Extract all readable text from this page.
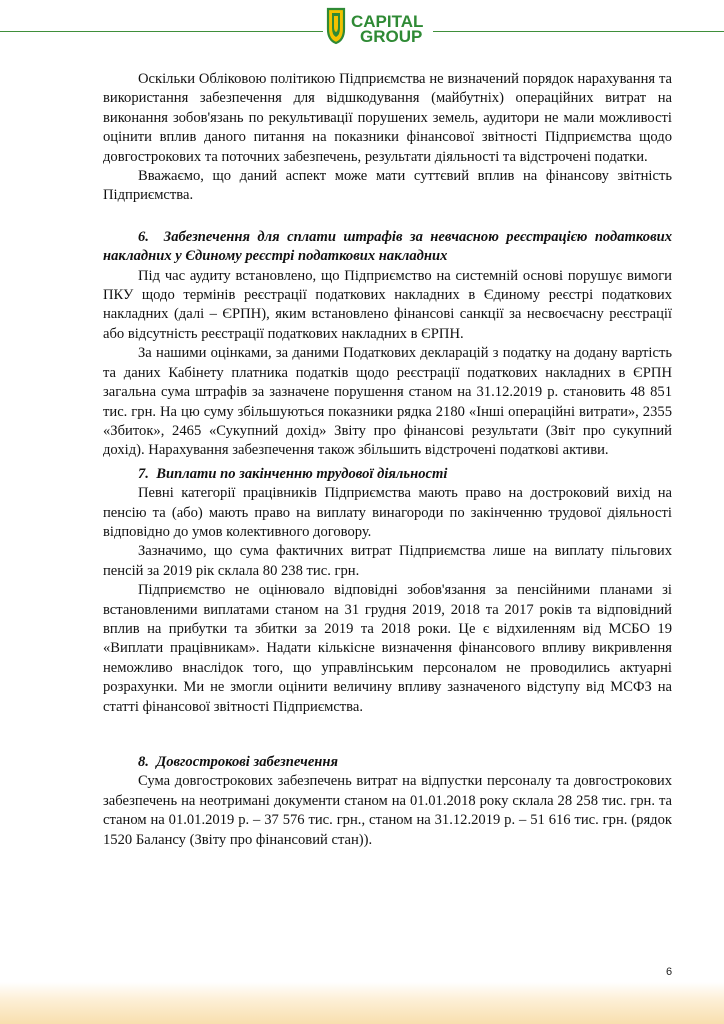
CAPITAL
GROUP

Оскільки Обліковою політикою Підприємства не визначений порядок нарахування та використання забезпечення для відшкодування (майбутніх) операційних витрат на виконання зобов'язань по рекультивації порушених земель, аудитори не мали можливості оцінити вплив даного питання на показники фінансової звітності Підприємства щодо довгострокових та поточних забезпечень, результати діяльності та відстрочені податки.

Вважаємо, що даний аспект може мати суттєвий вплив на фінансову звітність Підприємства.

6. Забезпечення для сплати штрафів за невчасною реєстрацією податкових накладних у Єдиному реєстрі податкових накладних

Під час аудиту встановлено, що Підприємство на системній основі порушує вимоги ПКУ щодо термінів реєстрації податкових накладних в Єдиному реєстрі податкових накладних (далі – ЄРПН), яким встановлено фінансові санкції за несвоєчасну реєстрації або відсутність реєстрації податкових накладних в ЄРПН.

За нашими оцінками, за даними Податкових декларацій з податку на додану вартість та даних Кабінету платника податків щодо реєстрації податкових накладних в ЄРПН загальна сума штрафів за зазначене порушення станом на 31.12.2019 р. становить 48 851 тис. грн. На цю суму збільшуються показники рядка 2180 «Інші операційні витрати», 2355 «Збиток», 2465 «Сукупний дохід» Звіту про фінансові результати (Звіт про сукупний дохід). Нарахування забезпечення також збільшить відстрочені податкові активи.

7. Виплати по закінченню трудової діяльності

Певні категорії працівників Підприємства мають право на достроковий вихід на пенсію та (або) мають право на виплату винагороди по закінченню трудової діяльності відповідно до умов колективного договору.

Зазначимо, що сума фактичних витрат Підприємства лише на виплату пільгових пенсій за 2019 рік склала 80 238 тис. грн.

Підприємство не оцінювало відповідні зобов'язання за пенсійними планами зі встановленими виплатами станом на 31 грудня 2019, 2018 та 2017 років та відповідний вплив на прибутки та збитки за 2019 та 2018 роки. Це є відхиленням від МСБО 19 «Виплати працівникам». Надати кількісне визначення фінансового впливу викривлення неможливо внаслідок того, що управлінським персоналом не проводились актуарні розрахунки. Ми не змогли оцінити величину впливу зазначеного відступу від МСФЗ на статті фінансової звітності Підприємства.

8. Довгострокові забезпечення

Сума довгострокових забезпечень витрат на відпустки персоналу та довгострокових забезпечень на неотримані документи станом на 01.01.2018 року склала 28 258 тис. грн. та станом на 01.01.2019 р. – 37 576 тис. грн., станом на 31.12.2019 р. – 51 616 тис. грн. (рядок 1520 Балансу (Звіту про фінансовий стан)).

6
